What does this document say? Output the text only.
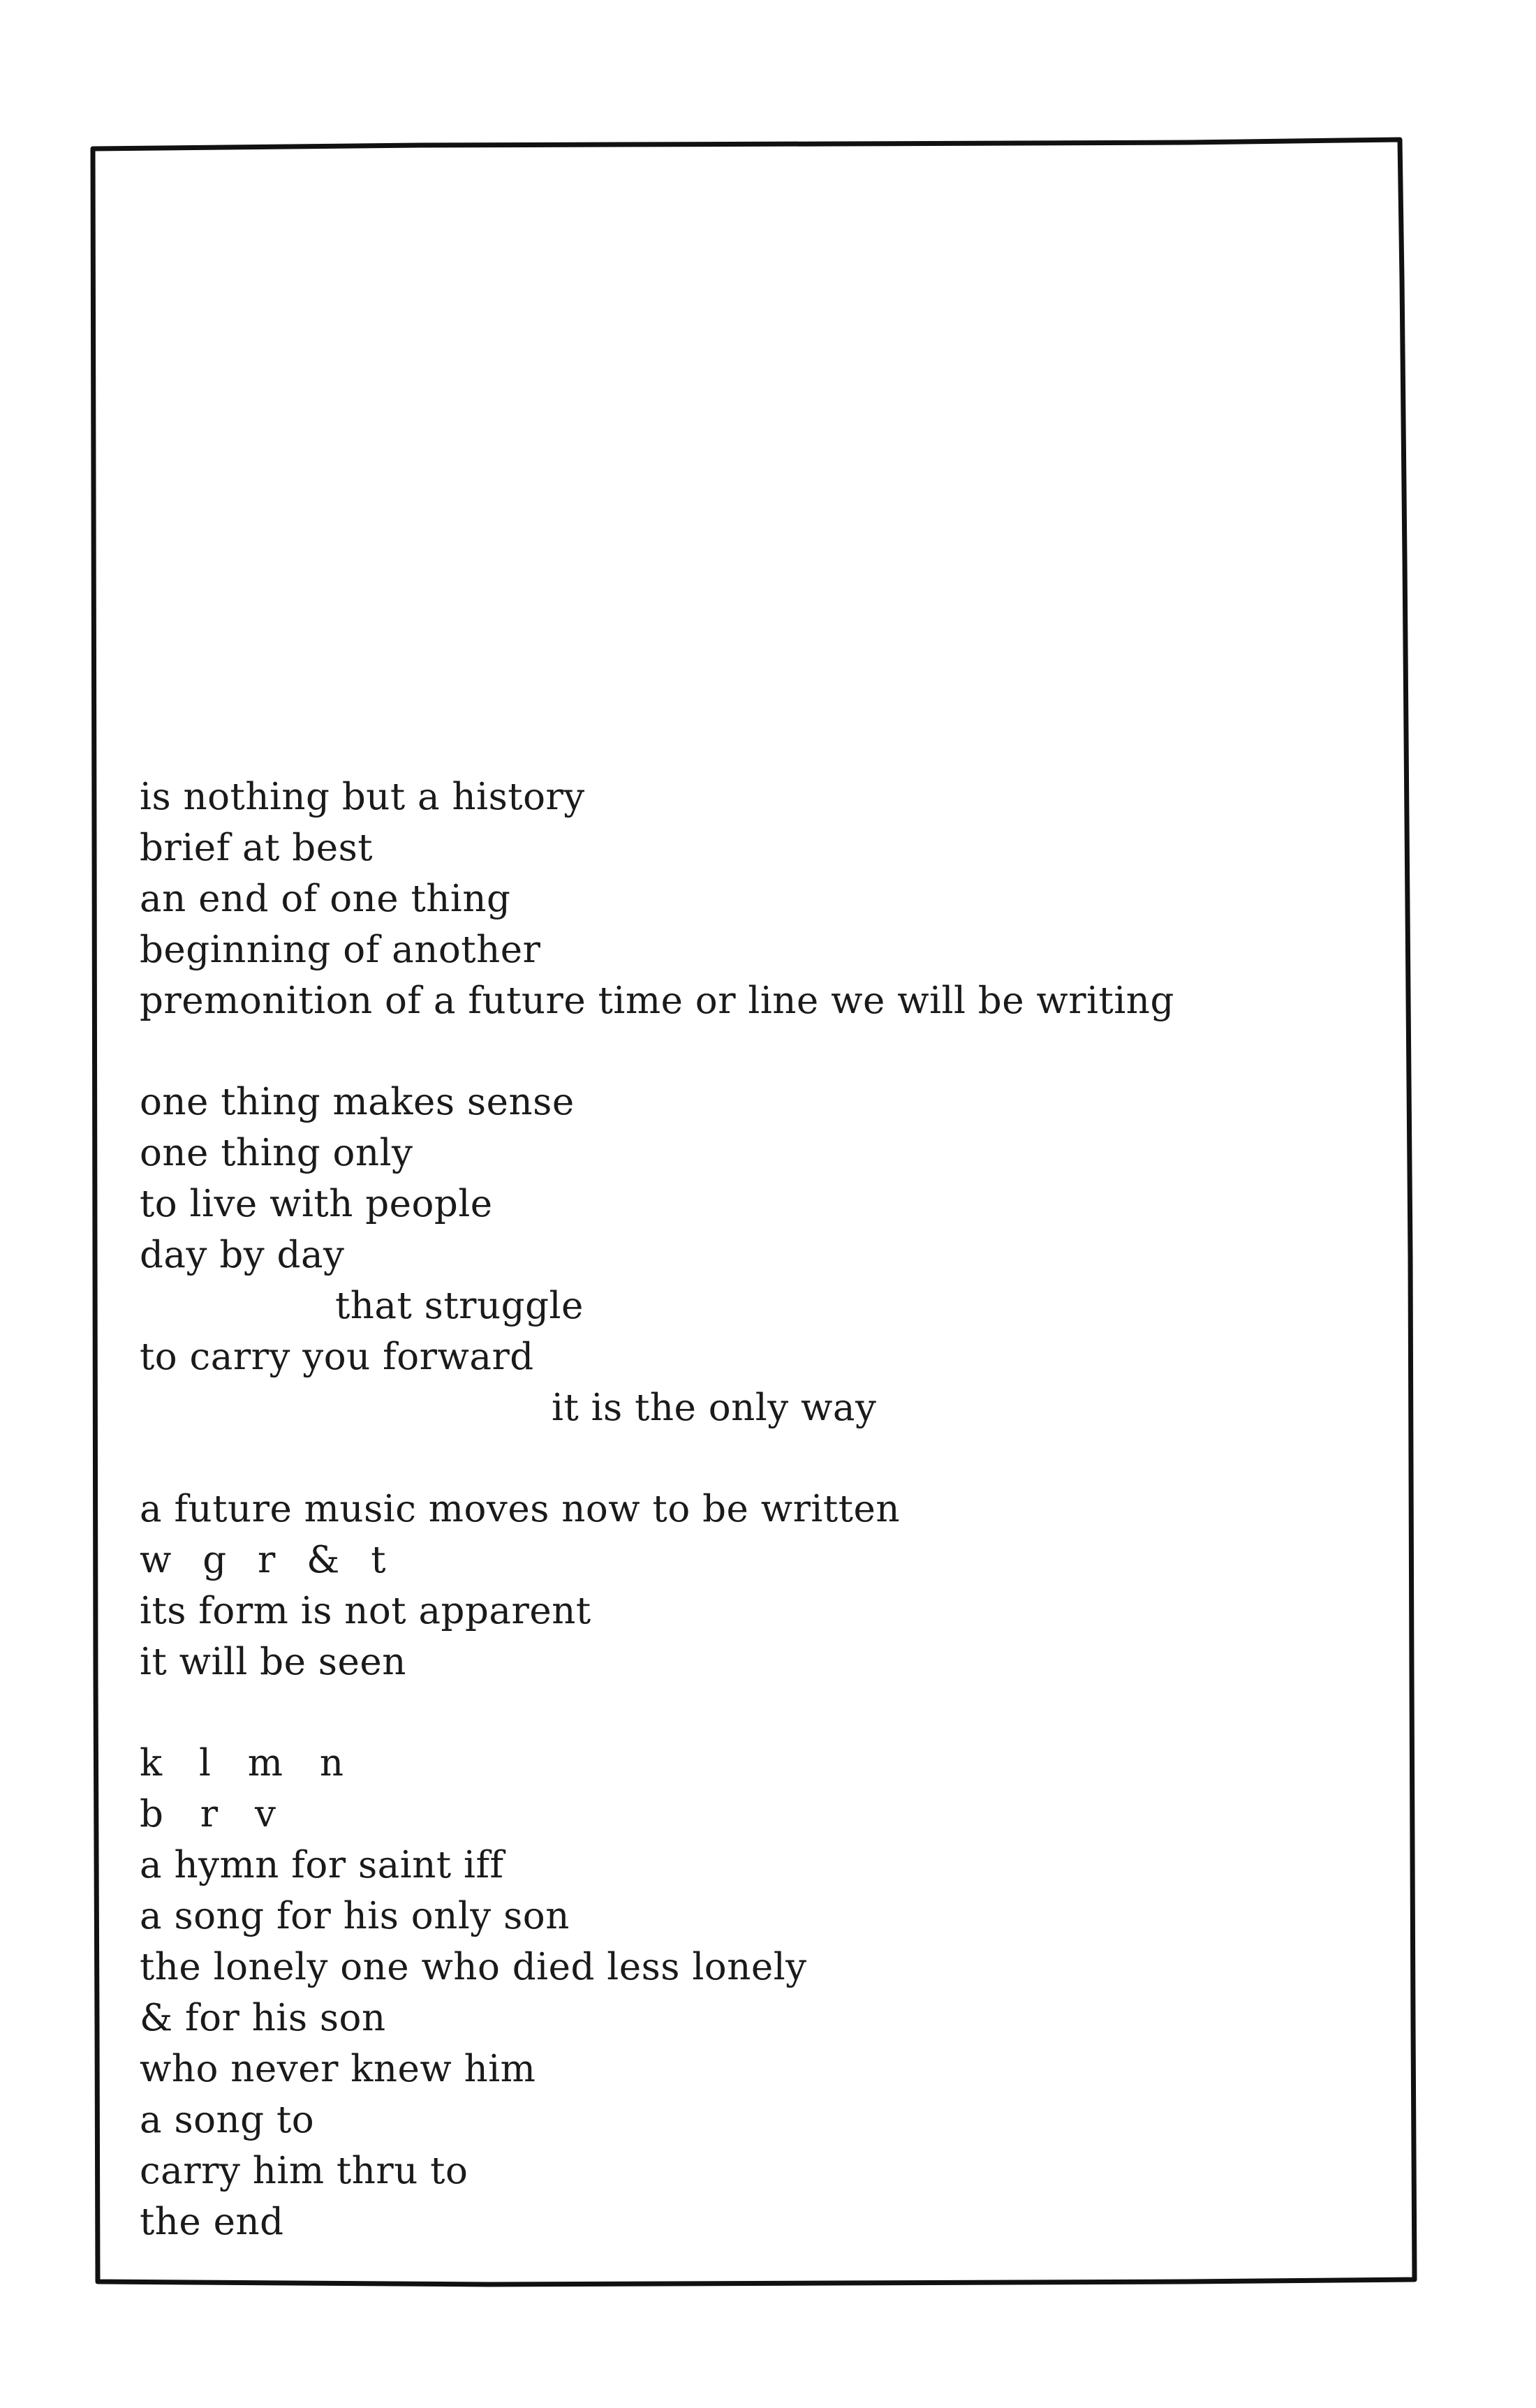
is nothing but a history
brief at best
an end of one thing
beginning of another
premonition of a future time or line we will be writing
one thing makes sense
one thing only
to live with people
day by day
that struggle
to carry you forward
it is the only way
a future music moves now to be written
w g r & t
its form is not apparent
it will be seen
k l m n
b r v
a hymn for saint iff
a song for his only son
the lonely one who died less lonely
& for his son
who never knew him
a song to
carry him thru to
the end
